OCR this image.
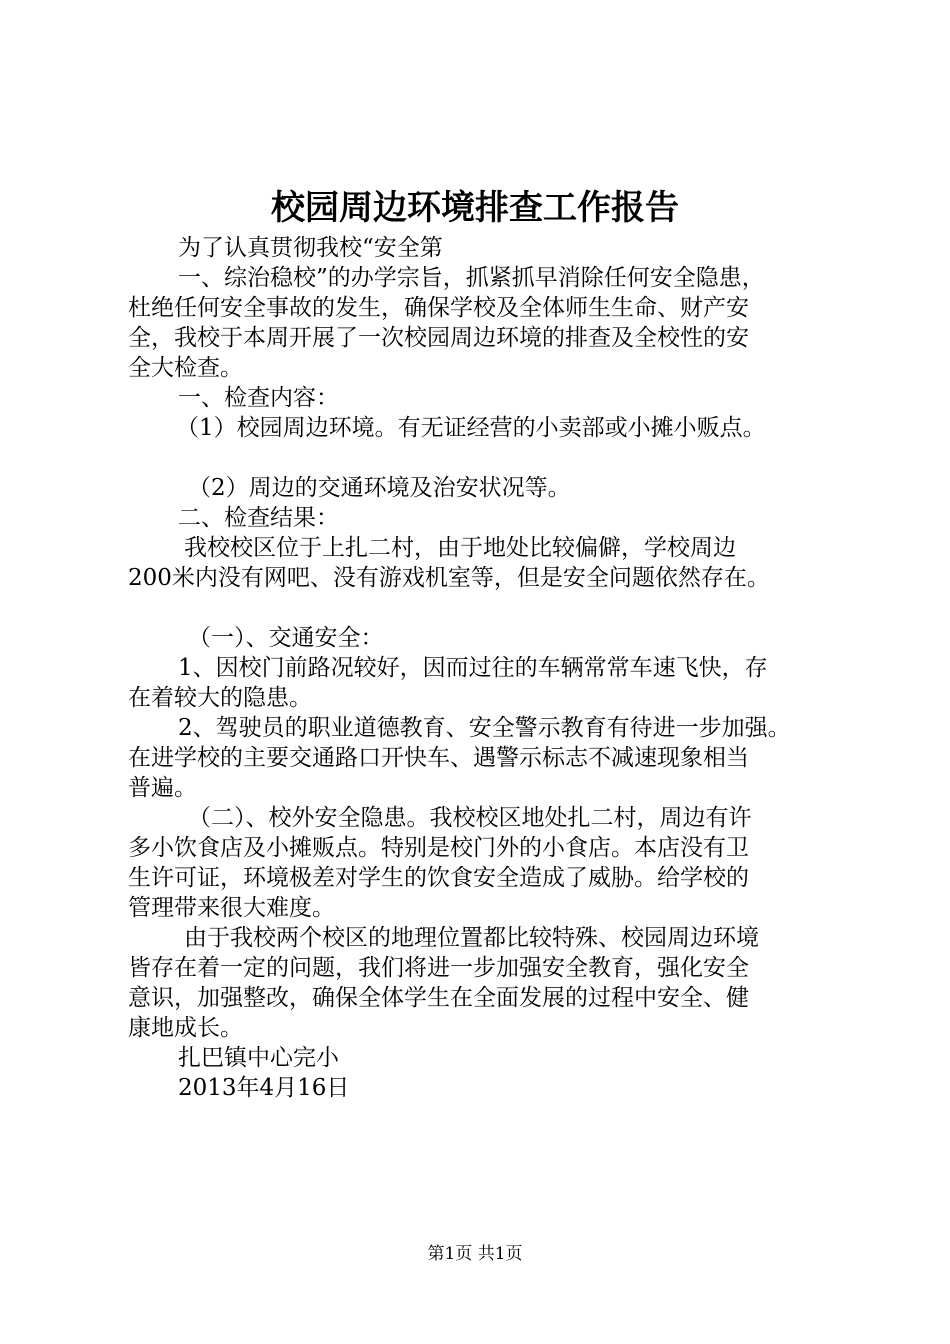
校园周边环境排查工作报告
为了认真贯彻我校“安全第
一、综治稳校”的办学宗旨，抓紧抓早消除任何安全隐患，
杜绝任何安全事故的发生，确保学校及全体师生生命、财产安
全，我校于本周开展了一次校园周边环境的排查及全校性的安
全大检查。
一、检查内容：
（1）校园周边环境。有无证经营的小卖部或小摊小贩点。
（2）周边的交通环境及治安状况等。
二、检查结果：
我校校区位于上扎二村，由于地处比较偏僻，学校周边
200米内没有网吧、没有游戏机室等，但是安全问题依然存在。
（一）、交通安全：
1、因校门前路况较好，因而过往的车辆常常车速飞快，存
在着较大的隐患。
2、驾驶员的职业道德教育、安全警示教育有待进一步加强。
在进学校的主要交通路口开快车、遇警示标志不减速现象相当
普遍。
（二）、校外安全隐患。我校校区地处扎二村，周边有许
多小饮食店及小摊贩点。特别是校门外的小食店。本店没有卫
生许可证，环境极差对学生的饮食安全造成了威胁。给学校的
管理带来很大难度。
由于我校两个校区的地理位置都比较特殊、校园周边环境
皆存在着一定的问题，我们将进一步加强安全教育，强化安全
意识，加强整改，确保全体学生在全面发展的过程中安全、健
康地成长。
扎巴镇中心完小
2013年4月16日
第1页 共1页
